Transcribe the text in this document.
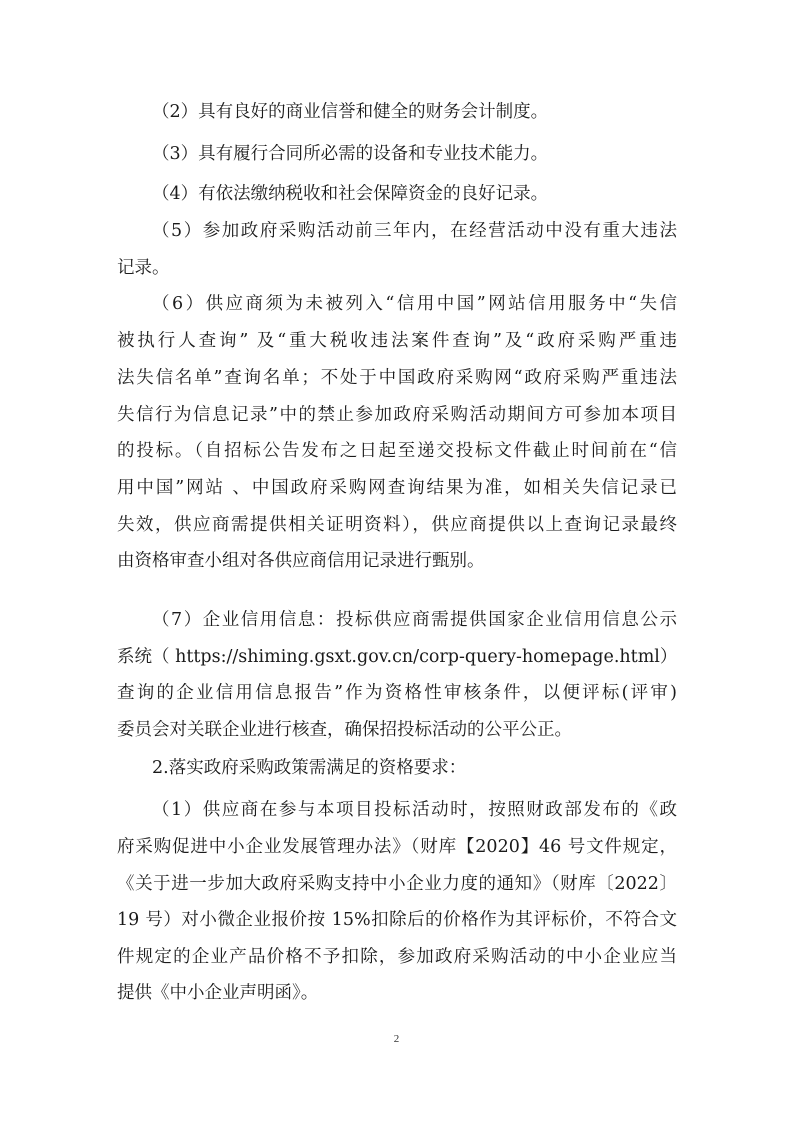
（2）具有良好的商业信誉和健全的财务会计制度。
（3）具有履行合同所必需的设备和专业技术能力。
（4）有依法缴纳税收和社会保障资金的良好记录。
（5）参加政府采购活动前三年内，在经营活动中没有重大违法
记录。
（6）供应商须为未被列入“信用中国”网站信用服务中“失信
被执行人查询” 及“重大税收违法案件查询”及“政府采购严重违
法失信名单”查询名单；不处于中国政府采购网“政府采购严重违法
失信行为信息记录”中的禁止参加政府采购活动期间方可参加本项目
的投标。（自招标公告发布之日起至递交投标文件截止时间前在“信
用中国”网站 、中国政府采购网查询结果为准，如相关失信记录已
失效，供应商需提供相关证明资料），供应商提供以上查询记录最终
由资格审查小组对各供应商信用记录进行甄别。
（7）企业信用信息：投标供应商需提供国家企业信用信息公示
系统（ https://shiming.gsxt.gov.cn/corp-query-homepage.html）
查询的企业信用信息报告”作为资格性审核条件，以便评标(评审)
委员会对关联企业进行核查，确保招投标活动的公平公正。
2.落实政府采购政策需满足的资格要求：
（1）供应商在参与本项目投标活动时，按照财政部发布的《政
府采购促进中小企业发展管理办法》（财库【2020】46 号文件规定，
《关于进一步加大政府采购支持中小企业力度的通知》（财库〔2022〕
19 号）对小微企业报价按 15%扣除后的价格作为其评标价，不符合文
件规定的企业产品价格不予扣除，参加政府采购活动的中小企业应当
提供《中小企业声明函》。
2
